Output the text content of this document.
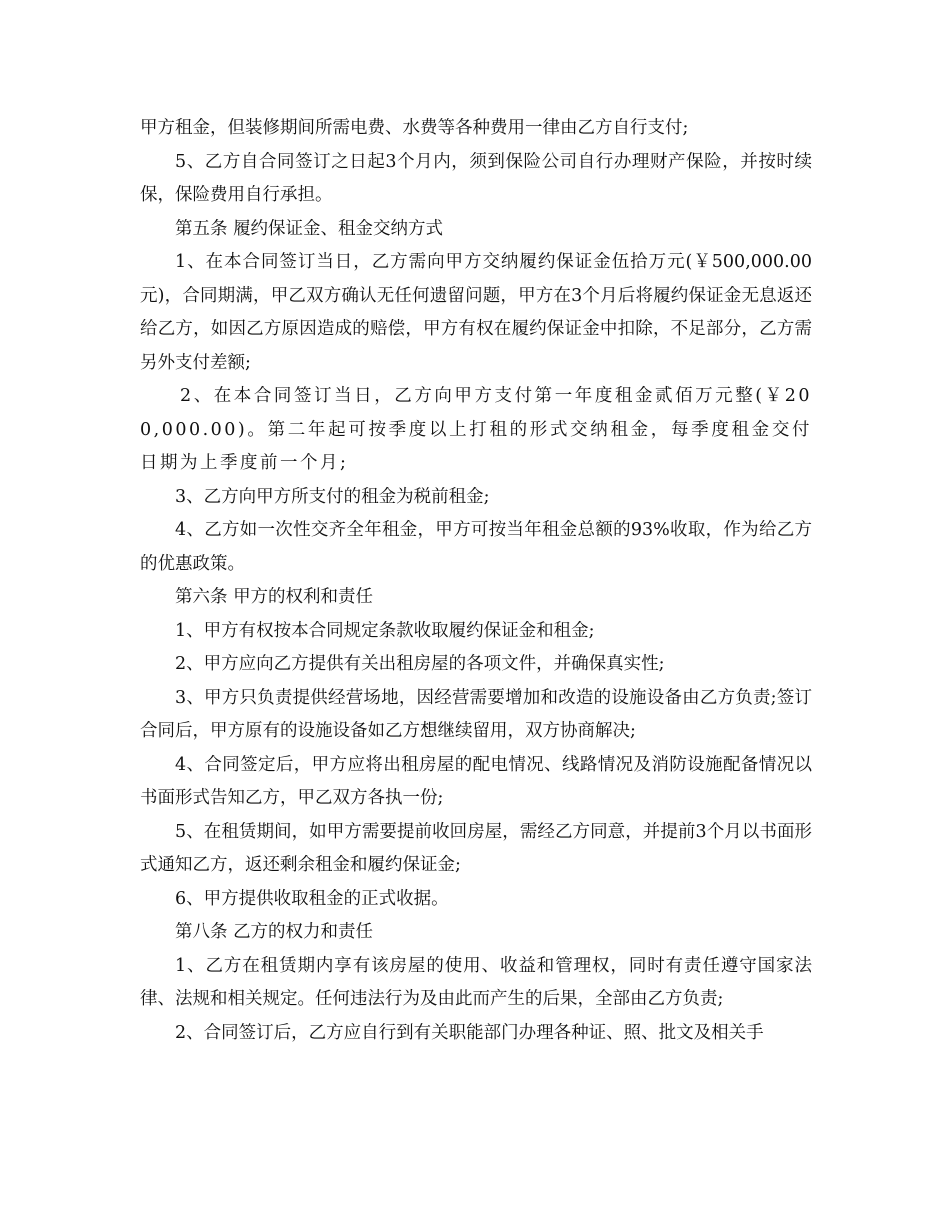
甲方租金，但装修期间所需电费、水费等各种费用一律由乙方自行支付;

5、乙方自合同签订之日起3个月内，须到保险公司自行办理财产保险，并按时续保，保险费用自行承担。

第五条 履约保证金、租金交纳方式

1、在本合同签订当日，乙方需向甲方交纳履约保证金伍拾万元(￥500,000.00元)，合同期满，甲乙双方确认无任何遗留问题，甲方在3个月后将履约保证金无息返还给乙方，如因乙方原因造成的赔偿，甲方有权在履约保证金中扣除，不足部分，乙方需另外支付差额;

2、在本合同签订当日，乙方向甲方支付第一年度租金贰佰万元整(￥200,000.00)。第二年起可按季度以上打租的形式交纳租金，每季度租金交付日期为上季度前一个月;

3、乙方向甲方所支付的租金为税前租金;

4、乙方如一次性交齐全年租金，甲方可按当年租金总额的93%收取，作为给乙方的优惠政策。

第六条 甲方的权利和责任

1、甲方有权按本合同规定条款收取履约保证金和租金;

2、甲方应向乙方提供有关出租房屋的各项文件，并确保真实性;

3、甲方只负责提供经营场地，因经营需要增加和改造的设施设备由乙方负责;签订合同后，甲方原有的设施设备如乙方想继续留用，双方协商解决;

4、合同签定后，甲方应将出租房屋的配电情况、线路情况及消防设施配备情况以书面形式告知乙方，甲乙双方各执一份;

5、在租赁期间，如甲方需要提前收回房屋，需经乙方同意，并提前3个月以书面形式通知乙方，返还剩余租金和履约保证金;

6、甲方提供收取租金的正式收据。

第八条 乙方的权力和责任

1、乙方在租赁期内享有该房屋的使用、收益和管理权，同时有责任遵守国家法律、法规和相关规定。任何违法行为及由此而产生的后果，全部由乙方负责;

2、合同签订后，乙方应自行到有关职能部门办理各种证、照、批文及相关手
